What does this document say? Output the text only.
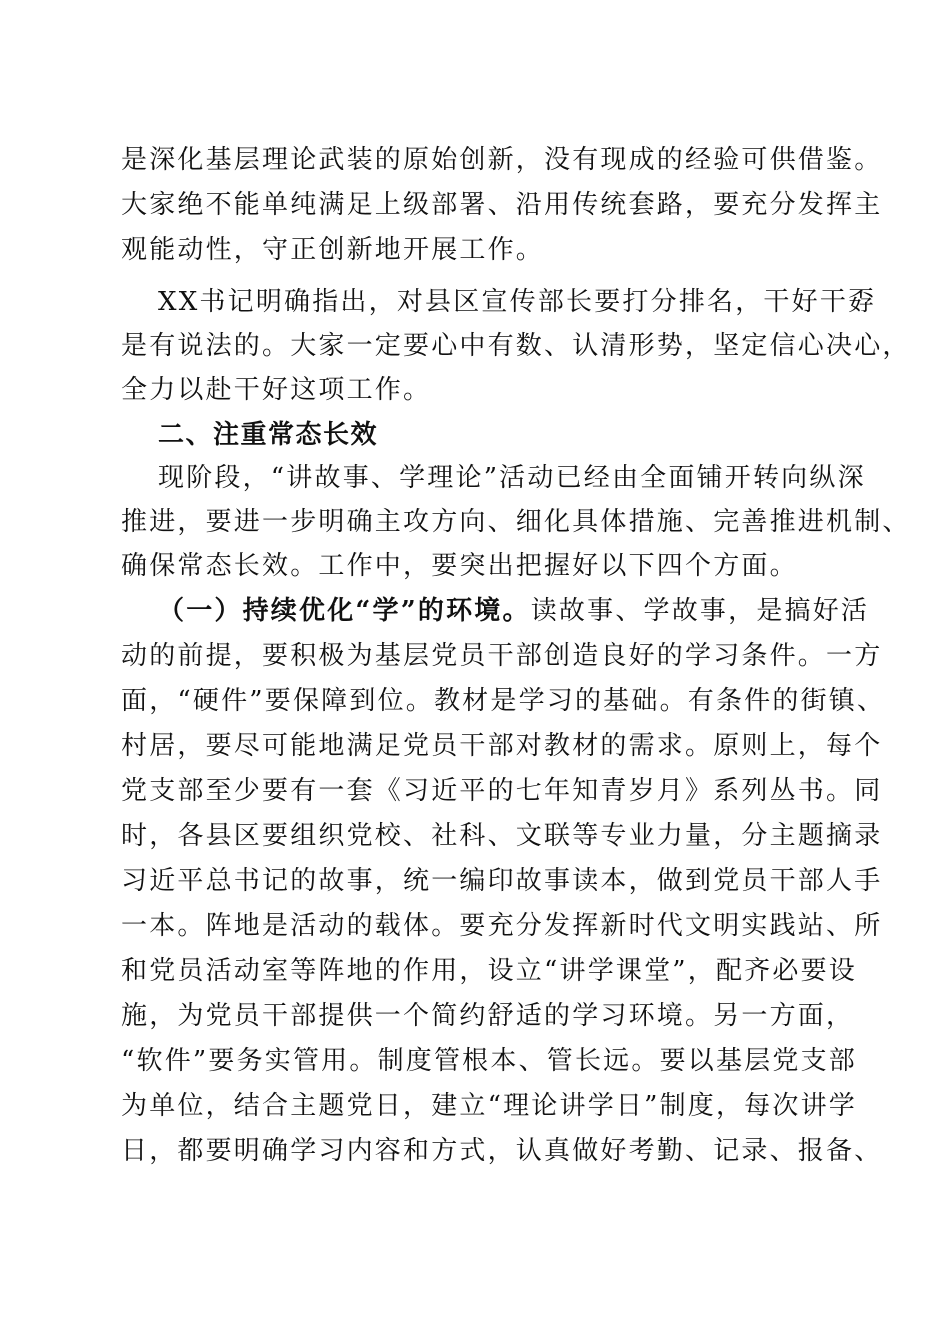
是深化基层理论武装的原始创新，没有现成的经验可供借鉴。
大家绝不能单纯满足上级部署、沿用传统套路，要充分发挥主
观能动性，守正创新地开展工作。
XX书记明确指出，对县区宣传部长要打分排名，干好干孬
是有说法的。大家一定要心中有数、认清形势，坚定信心决心，
全力以赴干好这项工作。
二、注重常态长效
现阶段，“讲故事、学理论”活动已经由全面铺开转向纵深
推进，要进一步明确主攻方向、细化具体措施、完善推进机制、
确保常态长效。工作中，要突出把握好以下四个方面。
（一）持续优化“学”的环境。读故事、学故事，是搞好活
动的前提，要积极为基层党员干部创造良好的学习条件。一方
面，“硬件”要保障到位。教材是学习的基础。有条件的街镇、
村居，要尽可能地满足党员干部对教材的需求。原则上，每个
党支部至少要有一套《习近平的七年知青岁月》系列丛书。同
时，各县区要组织党校、社科、文联等专业力量，分主题摘录
习近平总书记的故事，统一编印故事读本，做到党员干部人手
一本。阵地是活动的载体。要充分发挥新时代文明实践站、所
和党员活动室等阵地的作用，设立“讲学课堂”，配齐必要设
施，为党员干部提供一个简约舒适的学习环境。另一方面，
“软件”要务实管用。制度管根本、管长远。要以基层党支部
为单位，结合主题党日，建立“理论讲学日”制度，每次讲学
日，都要明确学习内容和方式，认真做好考勤、记录、报备、
